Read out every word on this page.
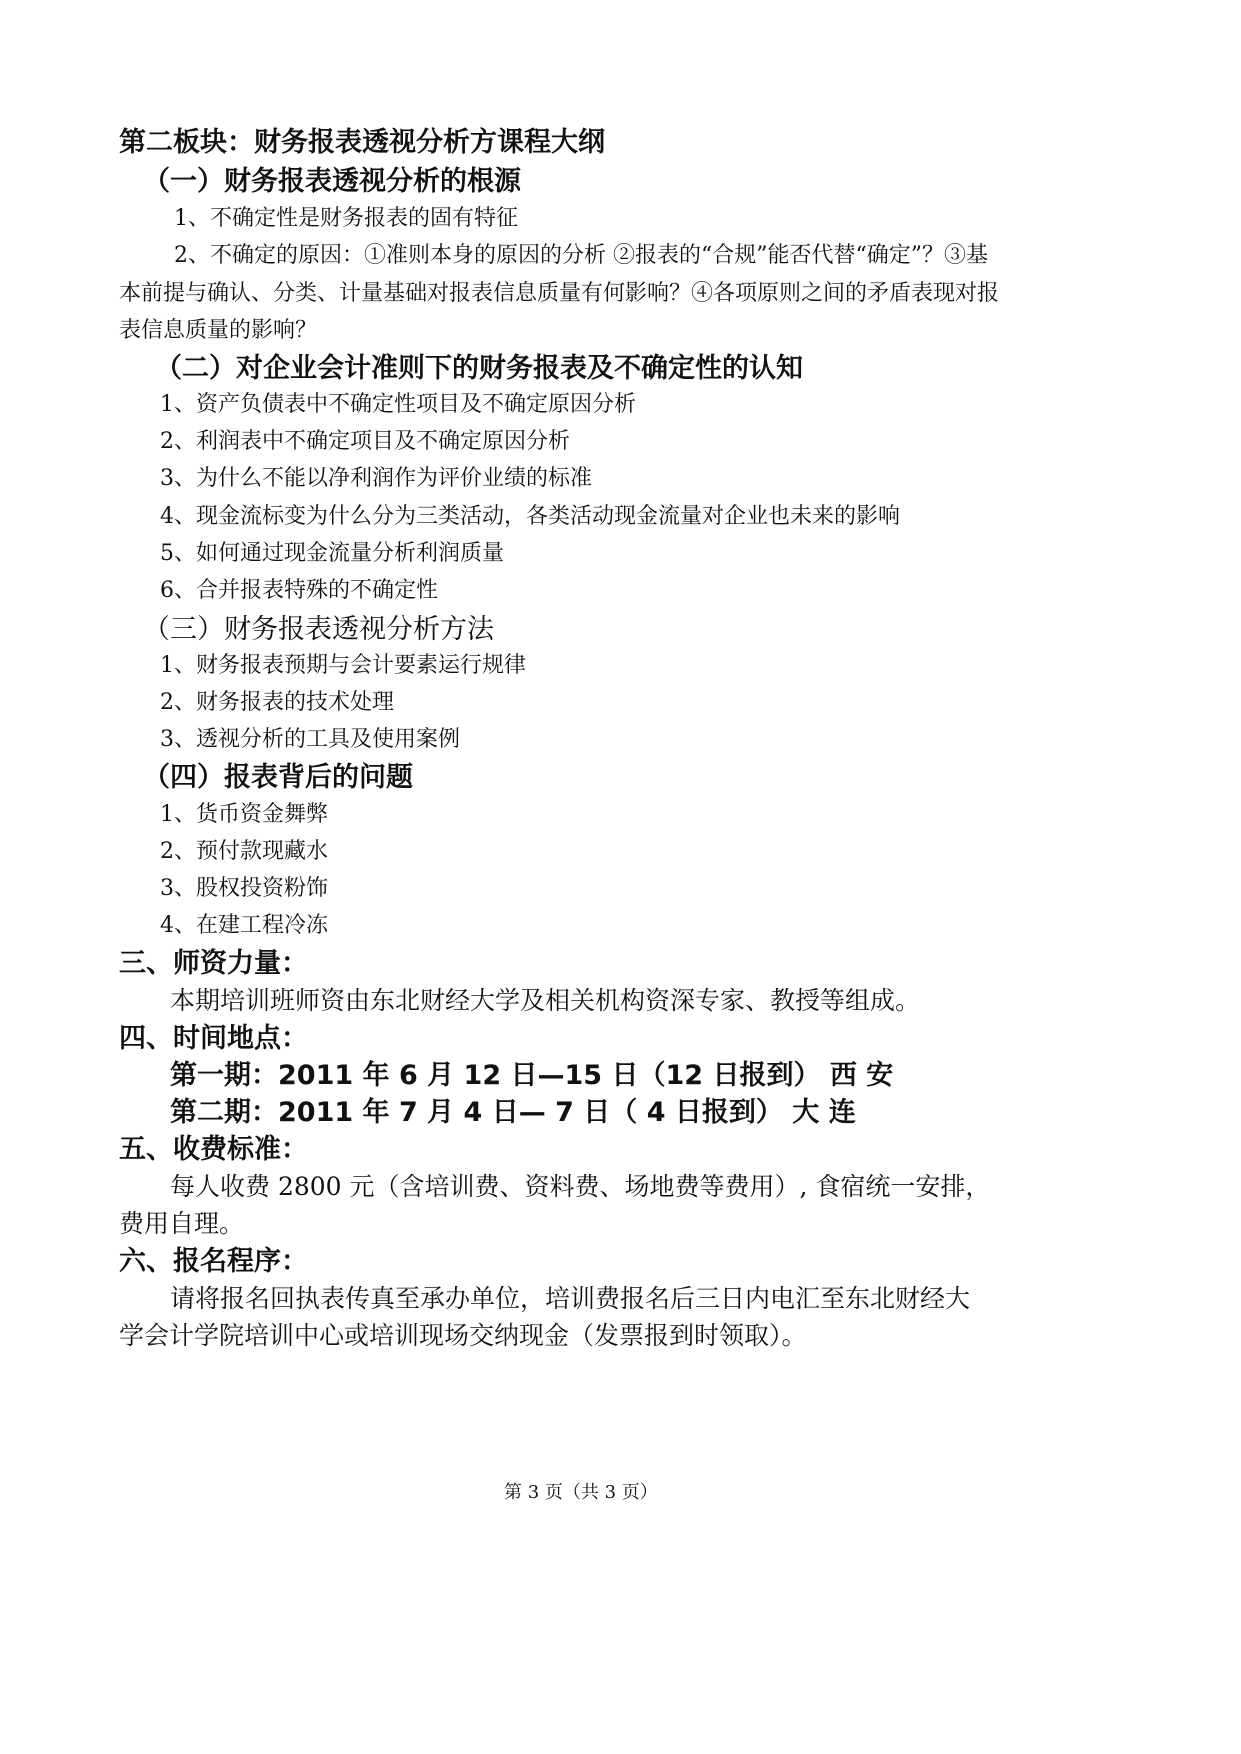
第二板块：财务报表透视分析方课程大纲
（一）财务报表透视分析的根源
1、不确定性是财务报表的固有特征
2、不确定的原因：①准则本身的原因的分析 ②报表的“合规”能否代替“确定”？③基
本前提与确认、分类、计量基础对报表信息质量有何影响？④各项原则之间的矛盾表现对报
表信息质量的影响？
（二）对企业会计准则下的财务报表及不确定性的认知
1、资产负债表中不确定性项目及不确定原因分析
2、利润表中不确定项目及不确定原因分析
3、为什么不能以净利润作为评价业绩的标准
4、现金流标变为什么分为三类活动，各类活动现金流量对企业也未来的影响
5、如何通过现金流量分析利润质量
6、合并报表特殊的不确定性
（三）财务报表透视分析方法
1、财务报表预期与会计要素运行规律
2、财务报表的技术处理
3、透视分析的工具及使用案例
（四）报表背后的问题
1、货币资金舞弊
2、预付款现藏水
3、股权投资粉饰
4、在建工程冷冻
三、师资力量：
本期培训班师资由东北财经大学及相关机构资深专家、教授等组成。
四、时间地点：
第一期：2011 年 6 月 12 日—15 日（12 日报到） 西 安
第二期：2011 年 7 月 4 日— 7 日（ 4 日报到） 大 连
五、收费标准：
每人收费 2800 元（含培训费、资料费、场地费等费用）, 食宿统一安排，
费用自理。
六、报名程序：
请将报名回执表传真至承办单位，培训费报名后三日内电汇至东北财经大
学会计学院培训中心或培训现场交纳现金（发票报到时领取）。
第 3 页（共 3 页）
